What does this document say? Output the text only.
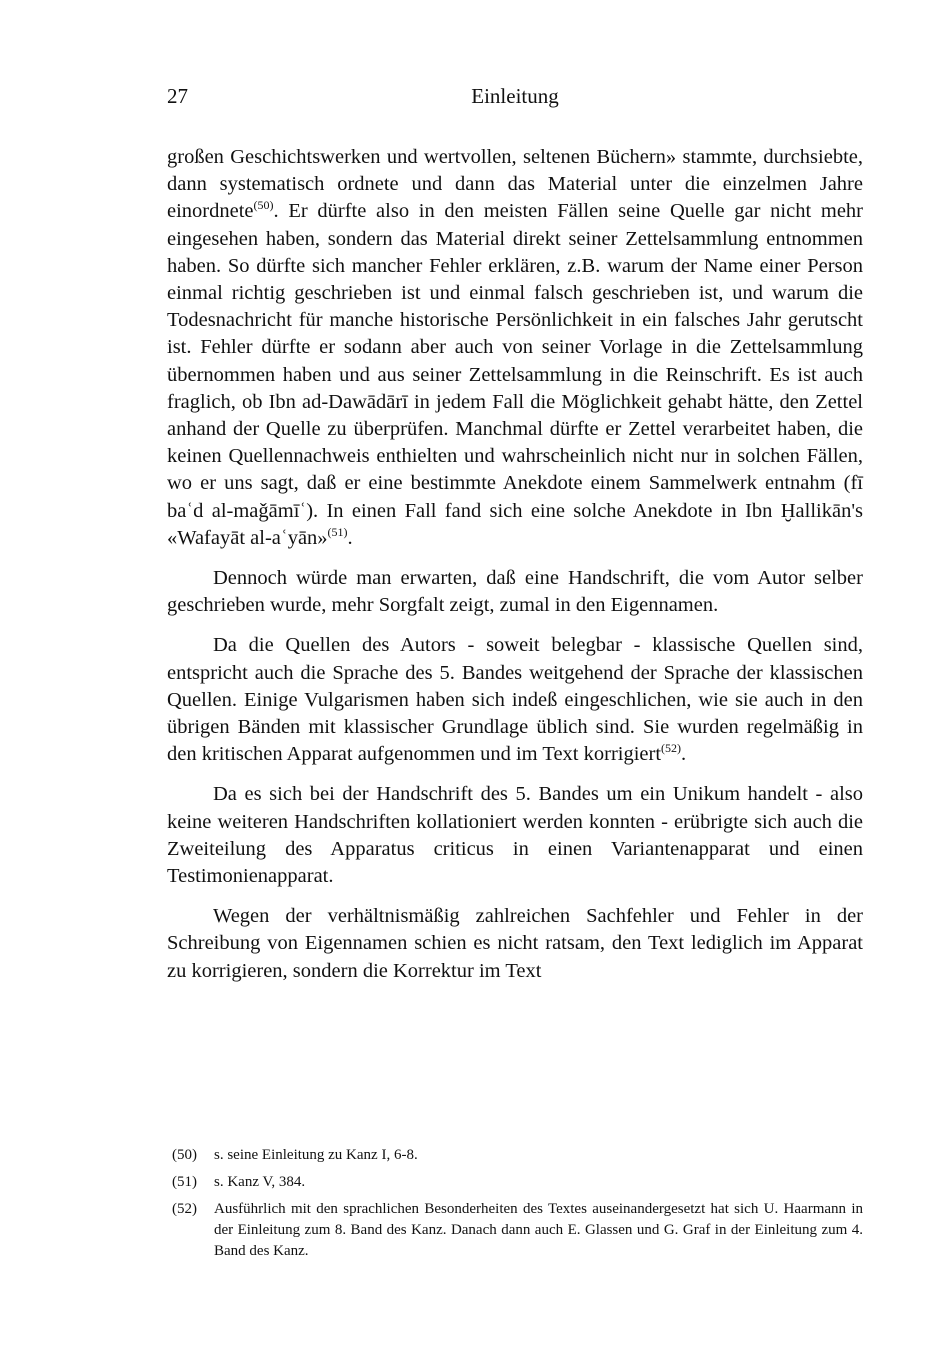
27	Einleitung

großen Geschichtswerken und wertvollen, seltenen Büchern» stammte, durchsiebte, dann systematisch ordnete und dann das Material unter die einzelmen Jahre einordnete$^{(50)}$. Er dürfte also in den meisten Fällen seine Quelle gar nicht mehr eingesehen haben, sondern das Material direkt seiner Zettelsammlung entnommen haben. So dürfte sich mancher Fehler erklären, z.B. warum der Name einer Person einmal richtig geschrieben ist und einmal falsch geschrieben ist, und warum die Todesnachricht für manche historische Persönlichkeit in ein falsches Jahr gerutscht ist. Fehler dürfte er sodann aber auch von seiner Vorlage in die Zettelsammlung übernommen haben und aus seiner Zettelsammlung in die Reinschrift. Es ist auch fraglich, ob Ibn ad-Dawādārī in jedem Fall die Möglichkeit gehabt hätte, den Zettel anhand der Quelle zu überprüfen. Manchmal dürfte er Zettel verarbeitet haben, die keinen Quellennachweis enthielten und wahrscheinlich nicht nur in solchen Fällen, wo er uns sagt, daß er eine bestimmte Anekdote einem Sammelwerk entnahm (fī baʿd al-maǧāmīʿ). In einen Fall fand sich eine solche Anekdote in Ibn Ḫallikān's «Wafayāt al-aʿyān»$^{(51)}$.

Dennoch würde man erwarten, daß eine Handschrift, die vom Autor selber geschrieben wurde, mehr Sorgfalt zeigt, zumal in den Eigennamen.

Da die Quellen des Autors - soweit belegbar - klassische Quellen sind, entspricht auch die Sprache des 5. Bandes weitgehend der Sprache der klassischen Quellen. Einige Vulgarismen haben sich indeß eingeschlichen, wie sie auch in den übrigen Bänden mit klassischer Grundlage üblich sind. Sie wurden regelmäßig in den kritischen Apparat aufgenommen und im Text korrigiert$^{(52)}$.

Da es sich bei der Handschrift des 5. Bandes um ein Unikum handelt - also keine weiteren Handschriften kollationiert werden konnten - erübrigte sich auch die Zweiteilung des Apparatus criticus in einen Variantenapparat und einen Testimonienapparat.

Wegen der verhältnismäßig zahlreichen Sachfehler und Fehler in der Schreibung von Eigennamen schien es nicht ratsam, den Text lediglich im Apparat zu korrigieren, sondern die Korrektur im Text

(50)	s. seine Einleitung zu Kanz I, 6-8.
(51)	s. Kanz V, 384.
(52)	Ausführlich mit den sprachlichen Besonderheiten des Textes auseinandergesetzt hat sich U. Haarmann in der Einleitung zum 8. Band des Kanz. Danach dann auch E. Glassen und G. Graf in der Einleitung zum 4. Band des Kanz.
